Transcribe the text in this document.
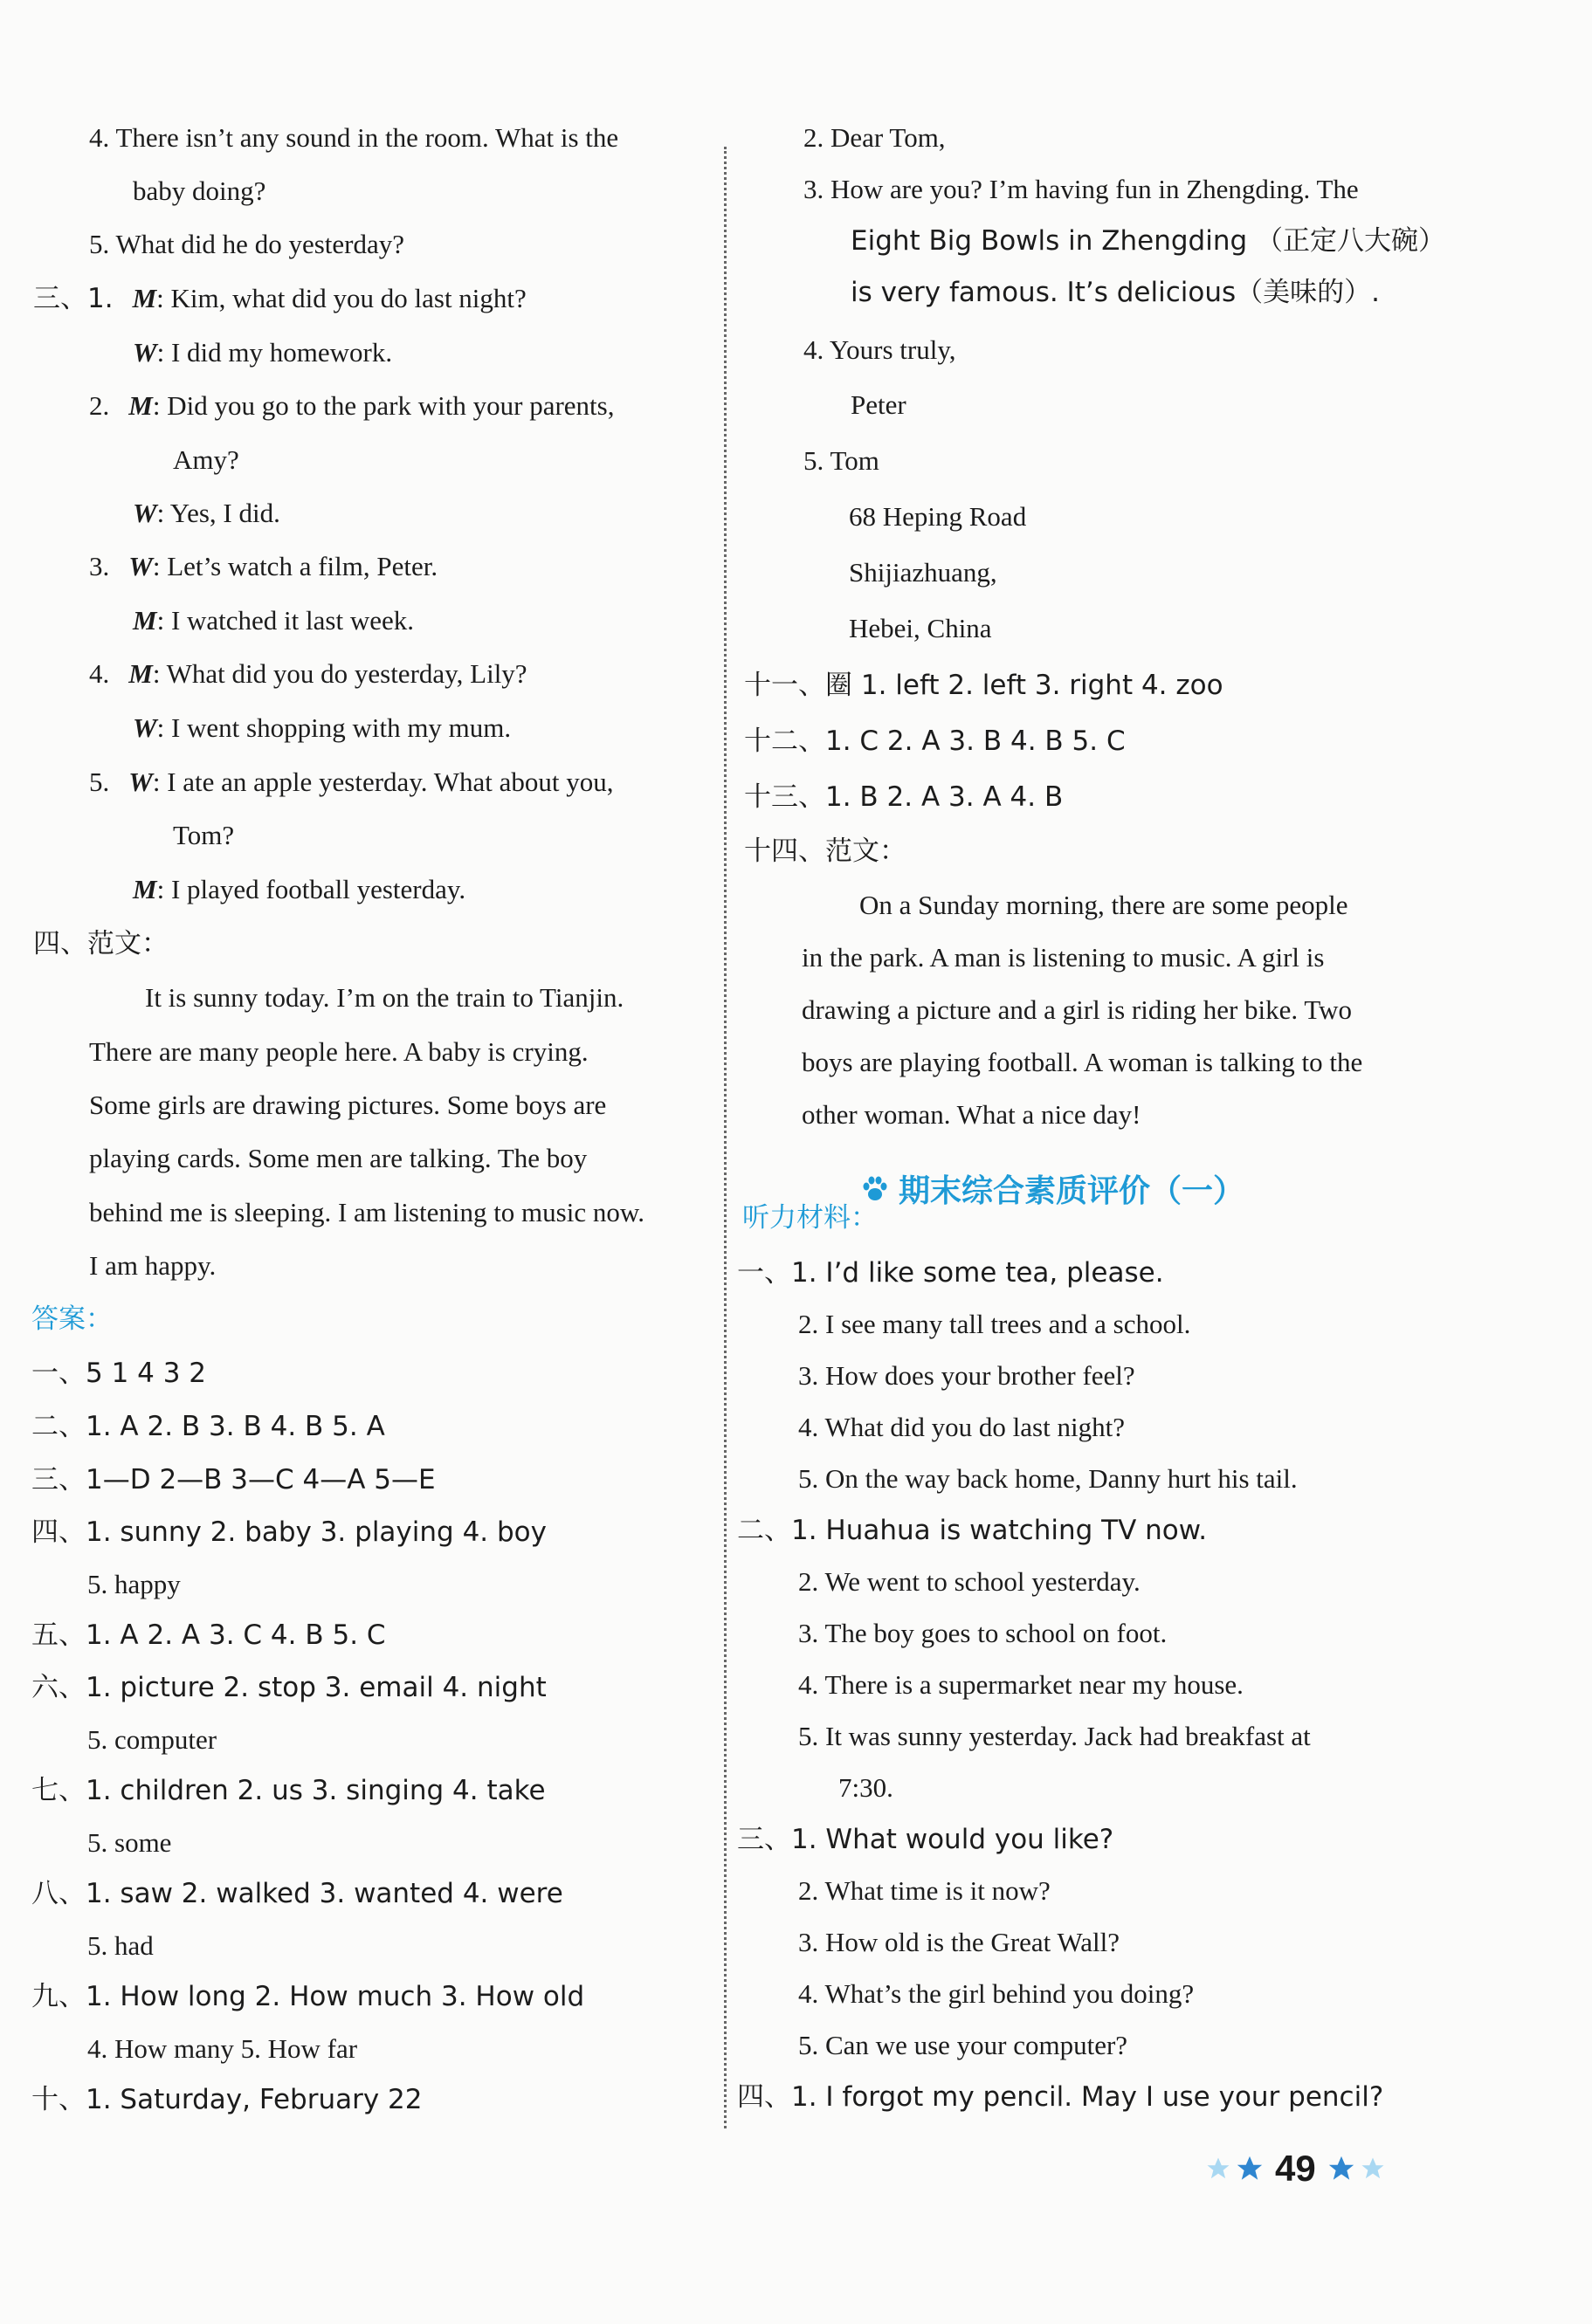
4. There isn’t any sound in the room. What is the
baby doing?
5. What did he do yesterday?
三、1. M: Kim, what did you do last night?
W: I did my homework.
2. M: Did you go to the park with your parents,
Amy?
W: Yes, I did.
3. W: Let’s watch a film, Peter.
M: I watched it last week.
4. M: What did you do yesterday, Lily?
W: I went shopping with my mum.
5. W: I ate an apple yesterday. What about you,
Tom?
M: I played football yesterday.
四、范文：
It is sunny today. I’m on the train to Tianjin.
There are many people here. A baby is crying.
Some girls are drawing pictures. Some boys are
playing cards. Some men are talking. The boy
behind me is sleeping. I am listening to music now.
I am happy.
答案：
一、5 1 4 3 2
二、1. A 2. B 3. B 4. B 5. A
三、1—D 2—B 3—C 4—A 5—E
四、1. sunny 2. baby 3. playing 4. boy
5. happy
五、1. A 2. A 3. C 4. B 5. C
六、1. picture 2. stop 3. email 4. night
5. computer
七、1. children 2. us 3. singing 4. take
5. some
八、1. saw 2. walked 3. wanted 4. were
5. had
九、1. How long 2. How much 3. How old
4. How many 5. How far
十、1. Saturday, February 22
2. Dear Tom,
3. How are you? I’m having fun in Zhengding. The
Eight Big Bowls in Zhengding （正定八大碗）
is very famous. It’s delicious（美味的）.
4. Yours truly,
Peter
5. Tom
68 Heping Road
Shijiazhuang,
Hebei, China
十一、圈 1. left 2. left 3. right 4. zoo
十二、1. C 2. A 3. B 4. B 5. C
十三、1. B 2. A 3. A 4. B
十四、范文：
On a Sunday morning, there are some people
in the park. A man is listening to music. A girl is
drawing a picture and a girl is riding her bike. Two
boys are playing football. A woman is talking to the
other woman. What a nice day!
听力材料：
一、1. I’d like some tea, please.
2. I see many tall trees and a school.
3. How does your brother feel?
4. What did you do last night?
5. On the way back home, Danny hurt his tail.
二、1. Huahua is watching TV now.
2. We went to school yesterday.
3. The boy goes to school on foot.
4. There is a supermarket near my house.
5. It was sunny yesterday. Jack had breakfast at
7:30.
三、1. What would you like?
2. What time is it now?
3. How old is the Great Wall?
4. What’s the girl behind you doing?
5. Can we use your computer?
四、1. I forgot my pencil. May I use your pencil?
期末综合素质评价（一）
49
